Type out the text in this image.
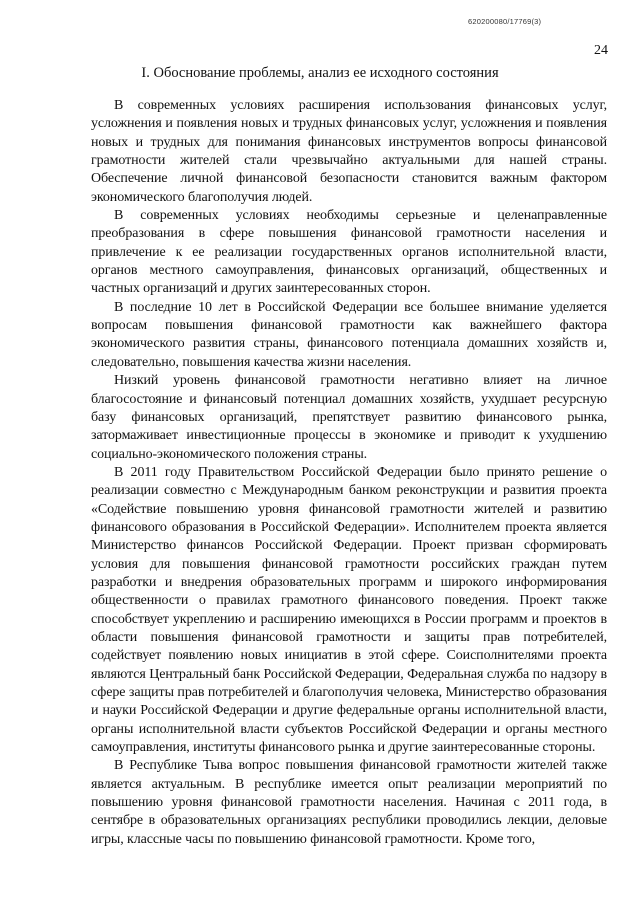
620200080/17769(3)
24
I. Обоснование проблемы, анализ ее исходного состояния

В современных условиях расширения использования финансовых услуг, усложнения и появления новых и трудных финансовых услуг, усложнения и появления новых и трудных для понимания финансовых инструментов вопросы финансовой грамотности жителей стали чрезвычайно актуальными для нашей страны. Обеспечение личной финансовой безопасности становится важным фактором экономического благополучия людей.

В современных условиях необходимы серьезные и целенаправленные преобразования в сфере повышения финансовой грамотности населения и привлечение к ее реализации государственных органов исполнительной власти, органов местного самоуправления, финансовых организаций, общественных и частных организаций и других заинтересованных сторон.

В последние 10 лет в Российской Федерации все большее внимание уделяется вопросам повышения финансовой грамотности как важнейшего фактора экономического развития страны, финансового потенциала домашних хозяйств и, следовательно, повышения качества жизни населения.

Низкий уровень финансовой грамотности негативно влияет на личное благосостояние и финансовый потенциал домашних хозяйств, ухудшает ресурсную базу финансовых организаций, препятствует развитию финансового рынка, затормаживает инвестиционные процессы в экономике и приводит к ухудшению социально-экономического положения страны.

В 2011 году Правительством Российской Федерации было принято решение о реализации совместно с Международным банком реконструкции и развития проекта «Содействие повышению уровня финансовой грамотности жителей и развитию финансового образования в Российской Федерации». Исполнителем проекта является Министерство финансов Российской Федерации. Проект призван сформировать условия для повышения финансовой грамотности российских граждан путем разработки и внедрения образовательных программ и широкого информирования общественности о правилах грамотного финансового поведения. Проект также способствует укреплению и расширению имеющихся в России программ и проектов в области повышения финансовой грамотности и защиты прав потребителей, содействует появлению новых инициатив в этой сфере. Соисполнителями проекта являются Центральный банк Российской Федерации, Федеральная служба по надзору в сфере защиты прав потребителей и благополучия человека, Министерство образования и науки Российской Федерации и другие федеральные органы исполнительной власти, органы исполнительной власти субъектов Российской Федерации и органы местного самоуправления, институты финансового рынка и другие заинтересованные стороны.

В Республике Тыва вопрос повышения финансовой грамотности жителей также является актуальным. В республике имеется опыт реализации мероприятий по повышению уровня финансовой грамотности населения. Начиная с 2011 года, в сентябре в образовательных организациях республики проводились лекции, деловые игры, классные часы по повышению финансовой грамотности. Кроме того,
